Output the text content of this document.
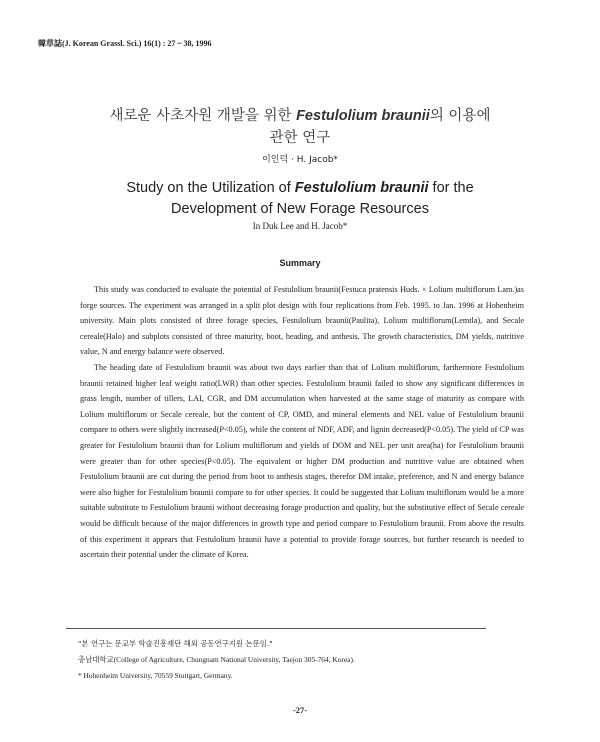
韓草誌(J. Korean Grassl. Sci.) 16(1) : 27 ~ 38, 1996
새로운 사초자원 개발을 위한 Festulolium braunii의 이용에
관한 연구
이인덕 · H. Jacob*
Study on the Utilization of Festulolium braunii for the
Development of New Forage Resources
In Duk Lee and H. Jacob*
Summary

This study was conducted to evaluate the potential of Festulolium braunii(Festuca pratensis Huds. × Lolium multiflorum Lam.)as forge sources. The experiment was arranged in a split plot design with four replications from Feb. 1995. to Jan. 1996 at Hohenheim university. Main plots consisted of three forage species, Festulolium braunii(Paulita), Lolium multiflorum(Lemtla), and Secale cereale(Halo) and subplots consisted of three maturity, boot, heading, and anthesis. The growth characteristics, DM yields, nutritive value, N and energy balance were observed.

The heading date of Festulolium braunii was about two days earlier than that of Lolium multiflorum, farthermore Festulolium braunii retained higher leaf weight ratio(LWR) than other species. Festulolium braunii failed to show any significant differences in grass length, number of tillers, LAI, CGR, and DM accumulation when harvested at the same stage of maturity as compare with Lolium multiflorum or Secale cereale, but the content of CP, OMD, and mineral elements and NEL value of Festulolium braunii compare to others were slightly increased(P<0.05), while the content of NDF, ADF, and lignin decreased(P<0.05). The yield of CP was greater for Festulolium braunii than for Lolium multiflorum and yields of DOM and NEL per unit area(ha) for Festulolium braunii were greater than for other species(P<0.05). The equivalent or higher DM production and nutritive value are obtained when Festulolium braunii are cut during the period from boot to anthesis stages, therefor DM intake, preference, and N and energy balance were also higher for Festulolium braunii compare to for other species. It could be suggested that Lolium multiflorum would be a more suitable substitute to Festulolium braunii without decreasing forage production and quality, but the substitutive effect of Secale cereale would be difficult because of the major differences in growth type and period compare to Festulolium braunii. From above the results of this experiment it appears that Festulolium braunii have a potential to provide forage sources, but further research is needed to ascertain their potential under the climate of Korea.

"본 연구는 문교부 학술진흥재단 해외 공동연구지원 논문임."
충남대학교(College of Agriculture, Chungnam National University, Taejon 305-764, Korea).
* Hohenheim University, 70559 Stuttgart, Germany.
-27-
